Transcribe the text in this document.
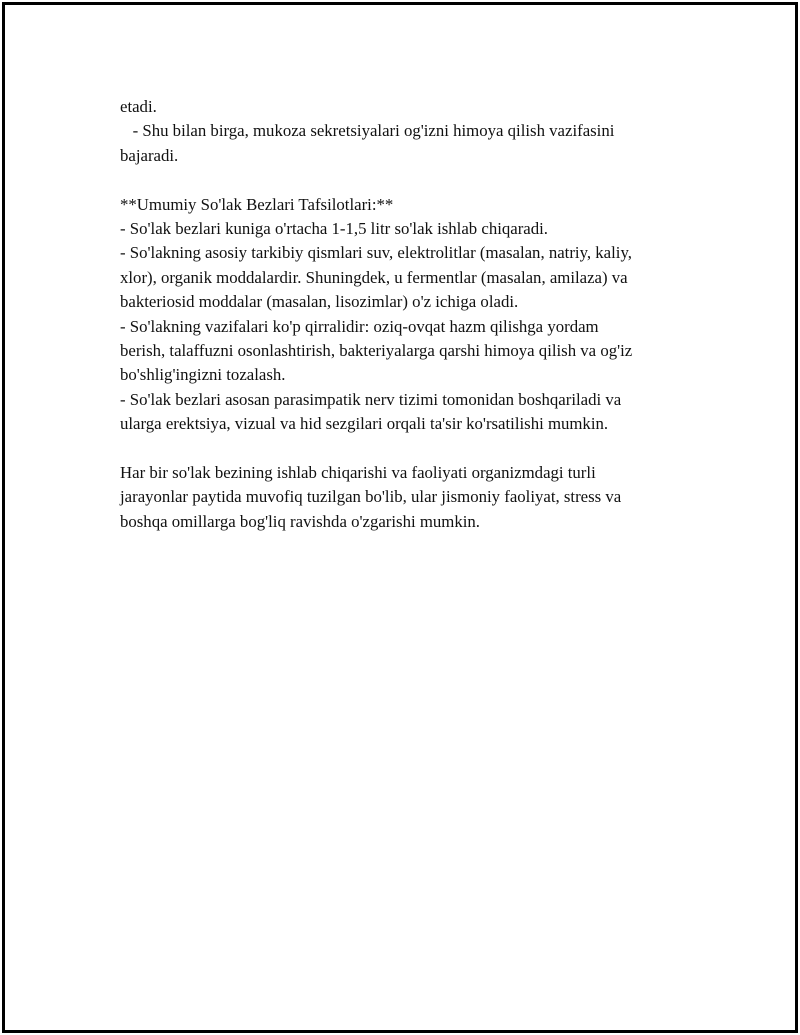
etadi.
- Shu bilan birga, mukoza sekretsiyalari og'izni himoya qilish vazifasini
bajaradi.
**Umumiy So'lak Bezlari Tafsilotlari:**
- So'lak bezlari kuniga o'rtacha 1-1,5 litr so'lak ishlab chiqaradi.
- So'lakning asosiy tarkibiy qismlari suv, elektrolitlar (masalan, natriy, kaliy,
xlor), organik moddalardir. Shuningdek, u fermentlar (masalan, amilaza) va
bakteriosid moddalar (masalan, lisozimlar) o'z ichiga oladi.
- So'lakning vazifalari ko'p qirralidir: oziq-ovqat hazm qilishga yordam
berish, talaffuzni osonlashtirish, bakteriyalarga qarshi himoya qilish va og'iz
bo'shlig'ingizni tozalash.
- So'lak bezlari asosan parasimpatik nerv tizimi tomonidan boshqariladi va
ularga erektsiya, vizual va hid sezgilari orqali ta'sir ko'rsatilishi mumkin.
Har bir so'lak bezining ishlab chiqarishi va faoliyati organizmdagi turli
jarayonlar paytida muvofiq tuzilgan bo'lib, ular jismoniy faoliyat, stress va
boshqa omillarga bog'liq ravishda o'zgarishi mumkin.
